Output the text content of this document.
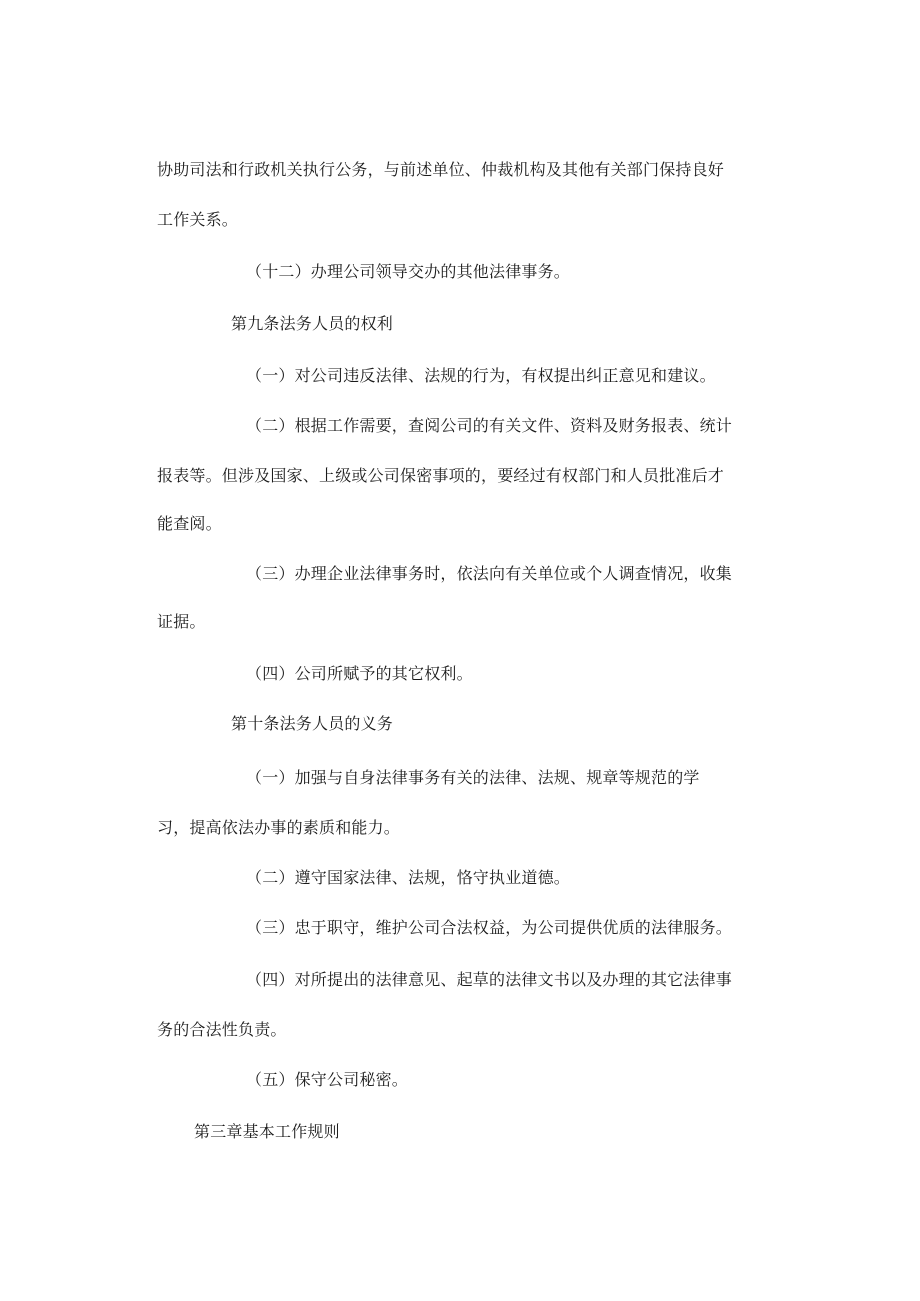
协助司法和行政机关执行公务，与前述单位、仲裁机构及其他有关部门保持良好
工作关系。
（十二）办理公司领导交办的其他法律事务。
第九条法务人员的权利
（一）对公司违反法律、法规的行为，有权提出纠正意见和建议。
（二）根据工作需要，查阅公司的有关文件、资料及财务报表、统计
报表等。但涉及国家、上级或公司保密事项的，要经过有权部门和人员批准后才
能查阅。
（三）办理企业法律事务时，依法向有关单位或个人调查情况，收集
证据。
（四）公司所赋予的其它权利。
第十条法务人员的义务
（一）加强与自身法律事务有关的法律、法规、规章等规范的学
习，提高依法办事的素质和能力。
（二）遵守国家法律、法规，恪守执业道德。
（三）忠于职守，维护公司合法权益，为公司提供优质的法律服务。
（四）对所提出的法律意见、起草的法律文书以及办理的其它法律事
务的合法性负责。
（五）保守公司秘密。
第三章基本工作规则
